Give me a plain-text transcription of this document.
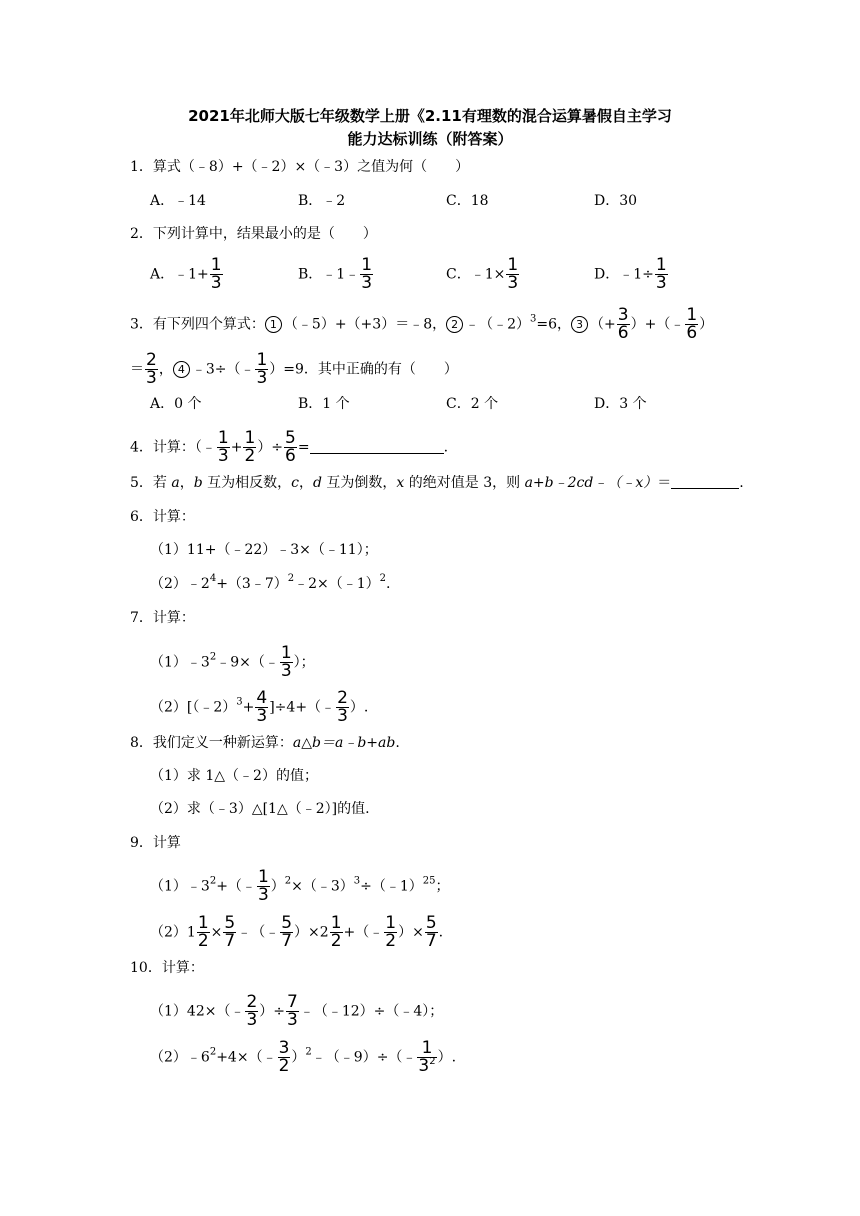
2021年北师大版七年级数学上册《2.11有理数的混合运算暑假自主学习
能力达标训练（附答案）
1．算式（﹣8）+（﹣2）×（﹣3）之值为何（　　）
A．﹣14	B．﹣2	C．18	D．30
2．下列计算中，结果最小的是（　　）
A．﹣1+ $\frac{1}{3}$	B．﹣1﹣ $\frac{1}{3}$	C．﹣1× $\frac{1}{3}$	D．﹣1÷ $\frac{1}{3}$
3．有下列四个算式： 1 （﹣5）+（+3）＝﹣8， 2 ﹣（﹣2）$^3$=6， 3 （+ $\frac{3}{6}$ ）+（﹣ $\frac{1}{6}$ ）
＝ $\frac{2}{3}$ ， 4 ﹣3÷（﹣ $\frac{1}{3} )=9$．其中正确的有（　　）
A．0 个	B．1 个	C．2 个	D．3 个
4．计算：（﹣ $\frac{1}{3} + \frac{1}{2}$ ）÷ $\frac{5}{6}$ =	.
5．若 a，b 互为相反数，c，d 互为倒数，x 的绝对值是 3，则 a+b﹣2cd﹣（﹣x）＝	.
6．计算：
（1）11+（﹣22）﹣3×（﹣11）；
$(2)﹣2^4+(3﹣7)^2﹣2\times(﹣1)^2$.
7．计算：
$(1)﹣3^2﹣9\times(﹣ \frac{1}{3}$ ）；
（2）[（﹣2）$^3$+ $\frac{4}{3}$ ]÷4+（﹣ $\frac{2}{3}$ ）.
8．我们定义一种新运算：a△b＝a﹣b+ab.
（1）求 1△（﹣2）的值；
（2）求（﹣3）△[1△（﹣2）]的值.
9．计算
$(1)﹣3^2+(﹣ \frac{1}{3}$ ）$^2$×（﹣3）$^3$÷（﹣1）$^{25}$；
$(2)1 \frac{1}{2} \times \frac{5}{7}$ ﹣（﹣ $\frac{5}{7} )\times 2 \frac{1}{2}$ +（﹣ $\frac{1}{2}$ ）× $\frac{5}{7}$ .
10．计算：
（1）42×（﹣ $\frac{2}{3}$ ）÷ $\frac{7}{3}$ ﹣（﹣12）÷（﹣4）；
$(2)﹣6^2+4\times(﹣ \frac{3}{2}$ ）$^2$﹣（﹣9）÷（﹣ $\frac{1}{3^2}$ ）.
